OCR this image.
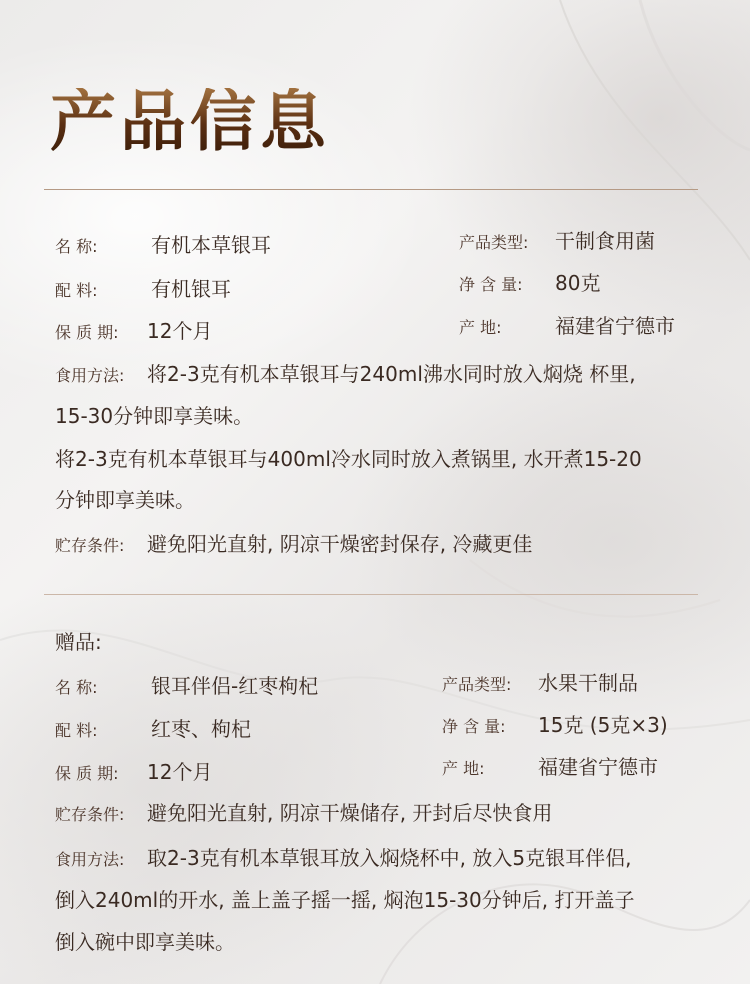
产品信息
名 称:	有机本草银耳	产品类型: 干制食用菌
配 料:	有机银耳	净 含 量: 80克
保 质 期: 12个月	产 地:	福建省宁德市
食用方法: 将2-3克有机本草银耳与240ml沸水同时放入焖烧 杯里,
15-30分钟即享美味。
将2-3克有机本草银耳与400ml冷水同时放入煮锅里, 水开煮15-20
分钟即享美味。
贮存条件: 避免阳光直射, 阴凉干燥密封保存, 冷藏更佳
赠品:
名 称:	银耳伴侣-红枣枸杞	产品类型: 水果干制品
配 料:	红枣、枸杞	净 含 量: 15克 (5克×3)
保 质 期: 12个月	产 地:	福建省宁德市
贮存条件: 避免阳光直射, 阴凉干燥储存, 开封后尽快食用
食用方法: 取2-3克有机本草银耳放入焖烧杯中, 放入5克银耳伴侣,
倒入240ml的开水, 盖上盖子摇一摇, 焖泡15-30分钟后, 打开盖子
倒入碗中即享美味。
